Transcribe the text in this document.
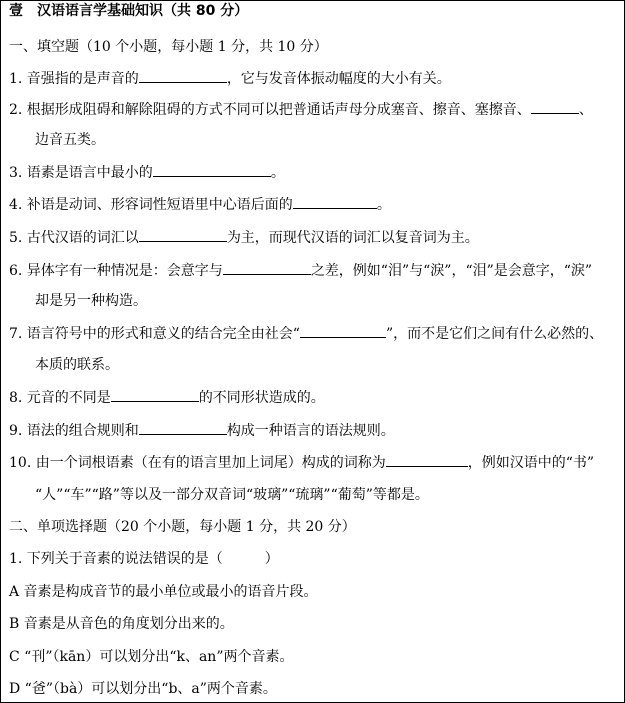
壹　汉语语言学基础知识（共 80 分）
一、填空题（10 个小题，每小题 1 分，共 10 分）
1. 音强指的是声音的	，它与发音体振动幅度的大小有关。
2. 根据形成阻碍和解除阻碍的方式不同可以把普通话声母分成塞音、擦音、塞擦音、	、
边音五类。
3. 语素是语言中最小的	。
4. 补语是动词、形容词性短语里中心语后面的	。
5. 古代汉语的词汇以	为主，而现代汉语的词汇以复音词为主。
6. 异体字有一种情况是：会意字与	之差，例如“泪”与“淚”，“泪”是会意字，“淚”
却是另一种构造。
7. 语言符号中的形式和意义的结合完全由社会“	”，而不是它们之间有什么必然的、
本质的联系。
8. 元音的不同是	的不同形状造成的。
9. 语法的组合规则和	构成一种语言的语法规则。
10. 由一个词根语素（在有的语言里加上词尾）构成的词称为	，例如汉语中的“书”
“人”“车”“路”等以及一部分双音词“玻璃”“琉璃”“葡萄”等都是。
二、单项选择题（20 个小题，每小题 1 分，共 20 分）
1. 下列关于音素的说法错误的是（　　　）
A 音素是构成音节的最小单位或最小的语音片段。
B 音素是从音色的角度划分出来的。
C “刊”（kān）可以划分出“k、an”两个音素。
D “爸”（bà）可以划分出“b、a”两个音素。
